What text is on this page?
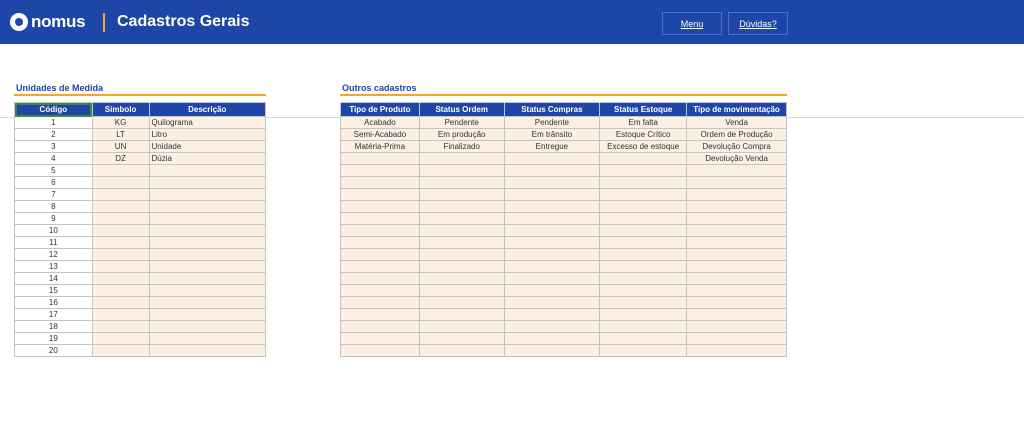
nomus Cadastros Gerais	Menu	Dúvidas?
Unidades de Medida
Código	Símbolo	Descrição
1	KG	Quilograma
2	LT	Litro
3	UN	Unidade
4	DZ	Dúzia
5		
6		
7		
8		
9		
10		
11		
12		
13		
14		
15		
16		
17		
18		
19		
20		
Outros cadastros
Tipo de Produto	Status Ordem	Status Compras	Status Estoque	Tipo de movimentação
Acabado	Pendente	Pendente	Em falta	Venda
Semi-Acabado	Em produção	Em trânsito	Estoque Crítico	Ordem de Produção
Matéria-Prima	Finalizado	Entregue	Excesso de estoque	Devolução Compra
				Devolução Venda
